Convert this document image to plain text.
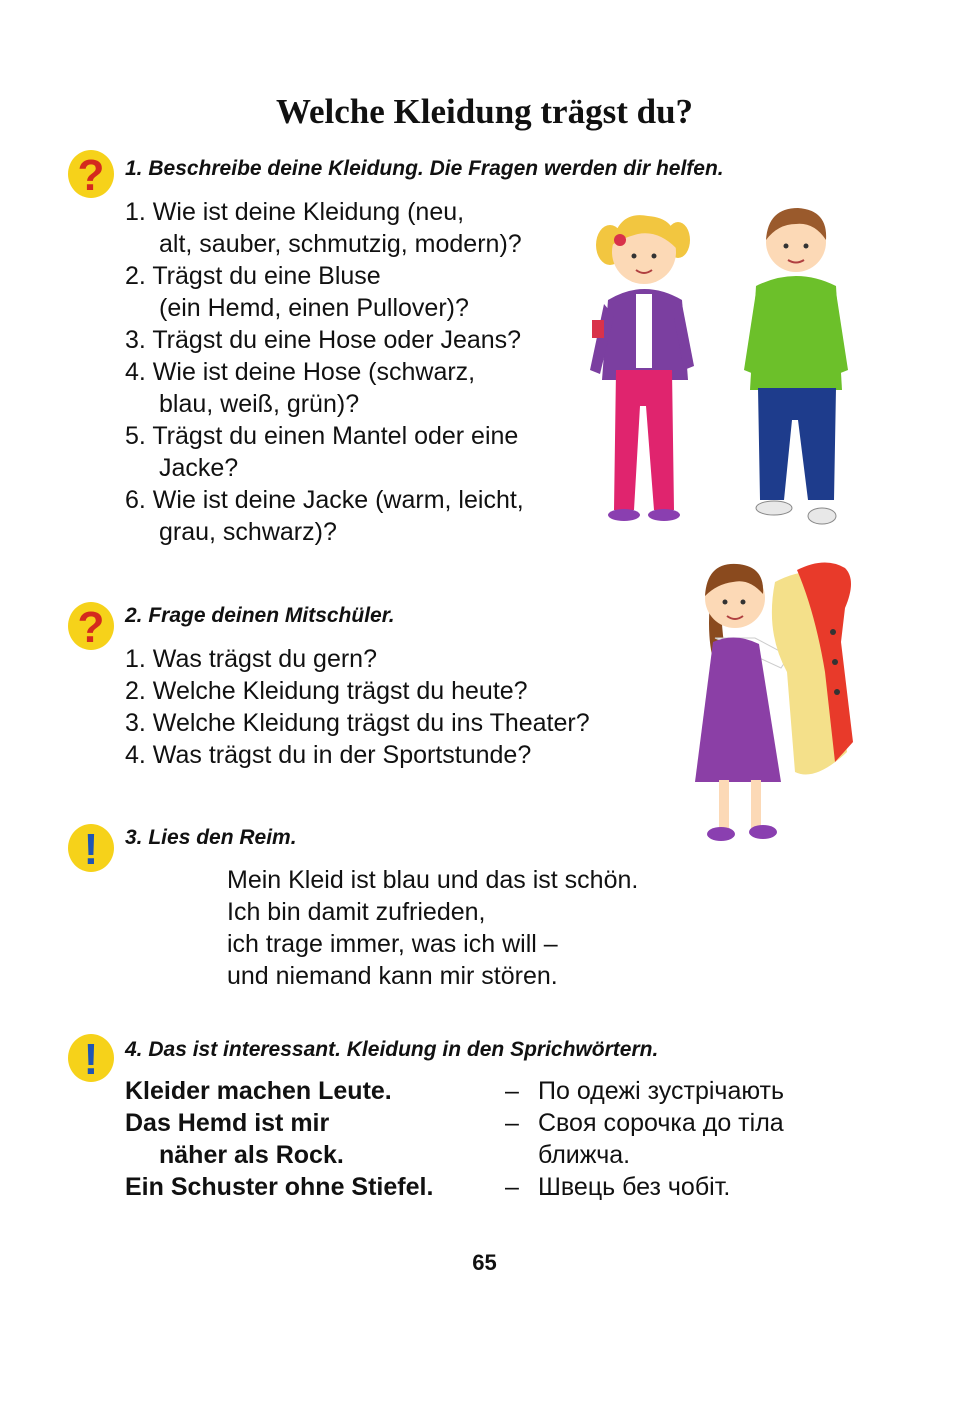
Welche Kleidung trägst du?
? 1. Beschreibe deine Kleidung. Die Fragen werden dir helfen.
1. Wie ist deine Kleidung (neu,
alt, sauber, schmutzig, modern)?
2. Trägst du eine Bluse
(ein Hemd, einen Pullover)?
3. Trägst du eine Hose oder Jeans?
4. Wie ist deine Hose (schwarz,
blau, weiß, grün)?
5. Trägst du einen Mantel oder eine
Jacke?
6. Wie ist deine Jacke (warm, leicht,
grau, schwarz)?
? 2. Frage deinen Mitschüler.
1. Was trägst du gern?
2. Welche Kleidung trägst du heute?
3. Welche Kleidung trägst du ins Theater?
4. Was trägst du in der Sportstunde?
! 3. Lies den Reim.
Mein Kleid ist blau und das ist schön.
Ich bin damit zufrieden,
ich trage immer, was ich will –
und niemand kann mir stören.
! 4. Das ist interessant. Kleidung in den Sprichwörtern.
Kleider machen Leute.	– По одежі зустрічають
Das Hemd ist mir	– Своя сорочка до тіла
näher als Rock.	ближча.
Ein Schuster ohne Stiefel.	– Швець без чобіт.
65
